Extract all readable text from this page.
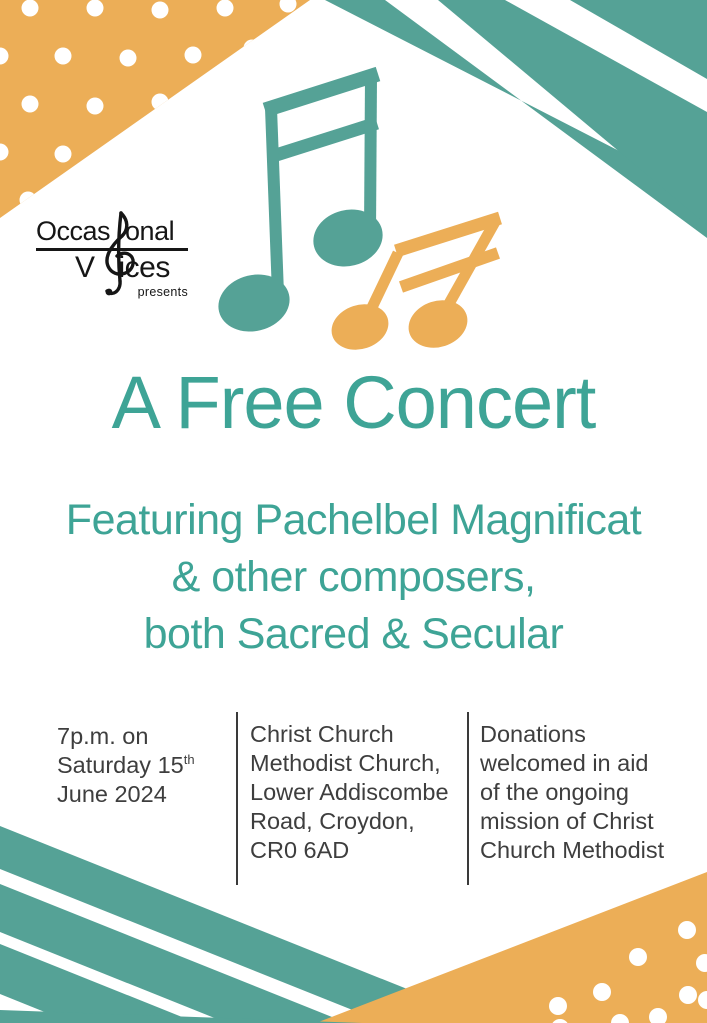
Occas onal
V ices
presents
A Free Concert
Featuring Pachelbel Magnificat
& other composers,
both Sacred & Secular
7p.m. on
Saturday 15th
June 2024
Christ Church
Methodist Church,
Lower Addiscombe
Road, Croydon,
CR0 6AD
Donations
welcomed in aid
of the ongoing
mission of Christ
Church Methodist
